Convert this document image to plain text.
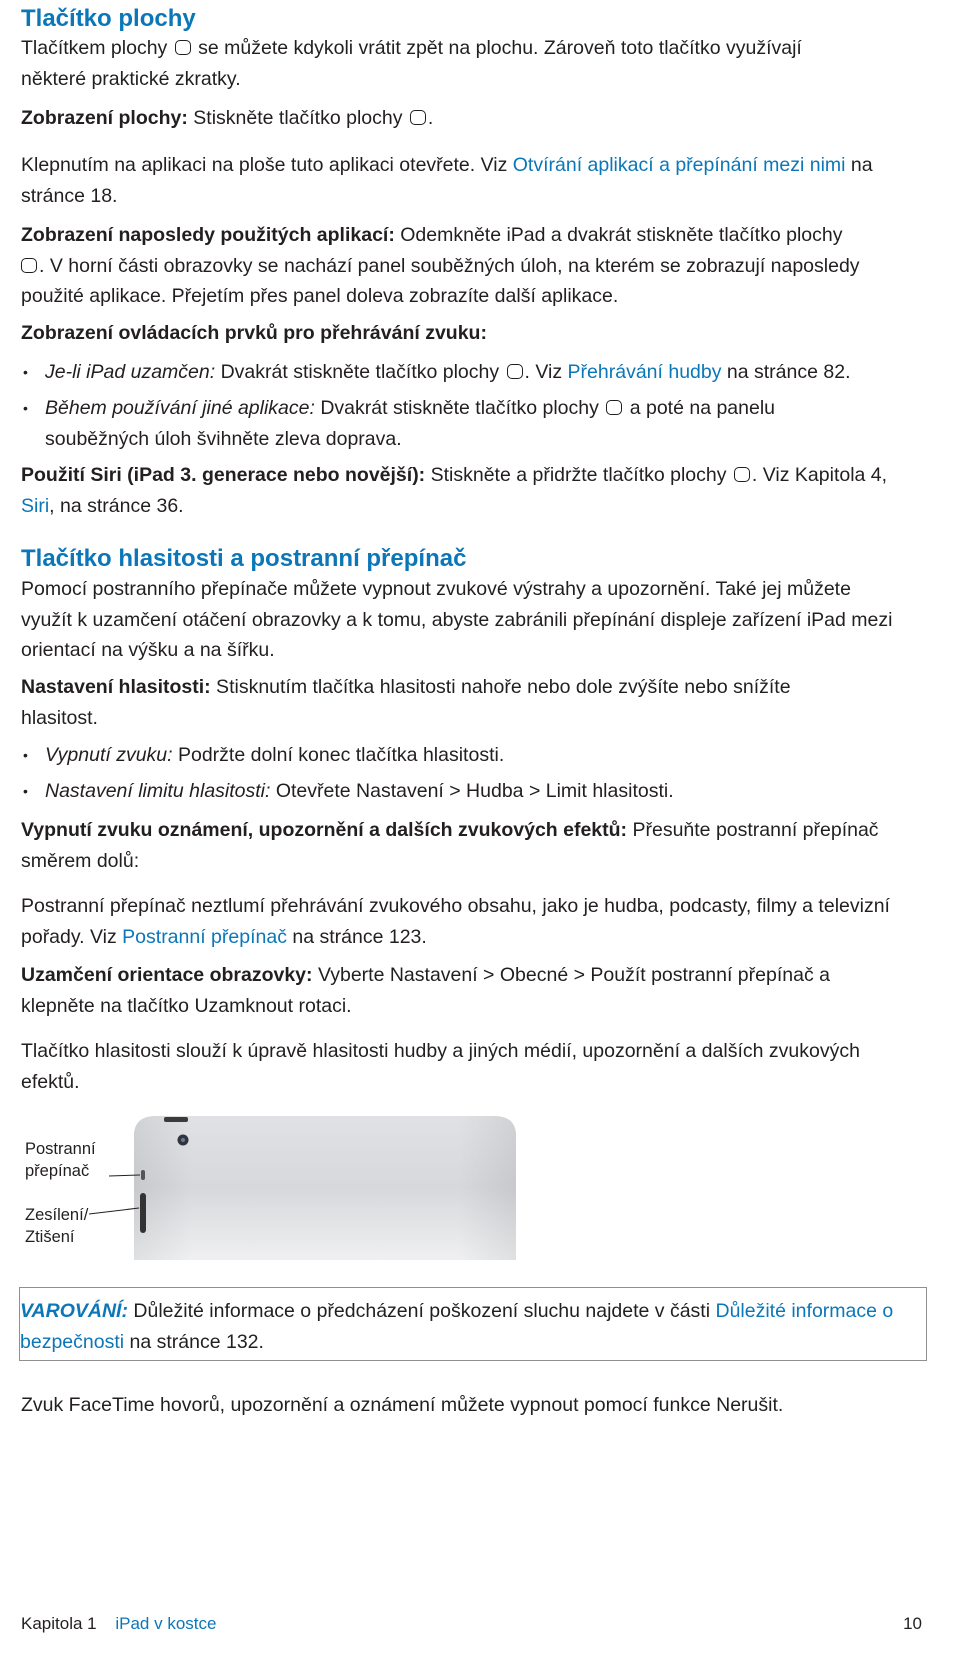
Tlačítko plochy

Tlačítkem plochy  se můžete kdykoli vrátit zpět na plochu. Zároveň toto tlačítko využívají
některé praktické zkratky.

Zobrazení plochy: Stiskněte tlačítko plochy .

Klepnutím na aplikaci na ploše tuto aplikaci otevřete. Viz Otvírání aplikací a přepínání mezi nimi na stránce 18.

Zobrazení naposledy použitých aplikací: Odemkněte iPad a dvakrát stiskněte tlačítko plochy
. V horní části obrazovky se nachází panel souběžných úloh, na kterém se zobrazují naposledy použité aplikace. Přejetím přes panel doleva zobrazíte další aplikace.

Zobrazení ovládacích prvků pro přehrávání zvuku:

• Je-li iPad uzamčen: Dvakrát stiskněte tlačítko plochy . Viz Přehrávání hudby na stránce 82.

• Během používání jiné aplikace: Dvakrát stiskněte tlačítko plochy  a poté na panelu souběžných úloh švihněte zleva doprava.

Použití Siri (iPad 3. generace nebo novější): Stiskněte a přidržte tlačítko plochy . Viz Kapitola 4, Siri, na stránce 36.

Tlačítko hlasitosti a postranní přepínač

Pomocí postranního přepínače můžete vypnout zvukové výstrahy a upozornění. Také jej můžete využít k uzamčení otáčení obrazovky a k tomu, abyste zabránili přepínání displeje zařízení iPad mezi orientací na výšku a na šířku.

Nastavení hlasitosti: Stisknutím tlačítka hlasitosti nahoře nebo dole zvýšíte nebo snížíte hlasitost.

• Vypnutí zvuku: Podržte dolní konec tlačítka hlasitosti.

• Nastavení limitu hlasitosti: Otevřete Nastavení > Hudba > Limit hlasitosti.

Vypnutí zvuku oznámení, upozornění a dalších zvukových efektů: Přesuňte postranní přepínač směrem dolů:

Postranní přepínač neztlumí přehrávání zvukového obsahu, jako je hudba, podcasty, filmy a televizní pořady. Viz Postranní přepínač na stránce 123.

Uzamčení orientace obrazovky: Vyberte Nastavení > Obecné > Použít postranní přepínač a klepněte na tlačítko Uzamknout rotaci.

Tlačítko hlasitosti slouží k úpravě hlasitosti hudby a jiných médií, upozornění a dalších zvukových efektů.

Postranní
přepínač
Zesílení/
Ztišení

VAROVÁNÍ: Důležité informace o předcházení poškození sluchu najdete v části Důležité informace o bezpečnosti na stránce 132.

Zvuk FaceTime hovorů, upozornění a oznámení můžete vypnout pomocí funkce Nerušit.

Kapitola 1 iPad v kostce	10
